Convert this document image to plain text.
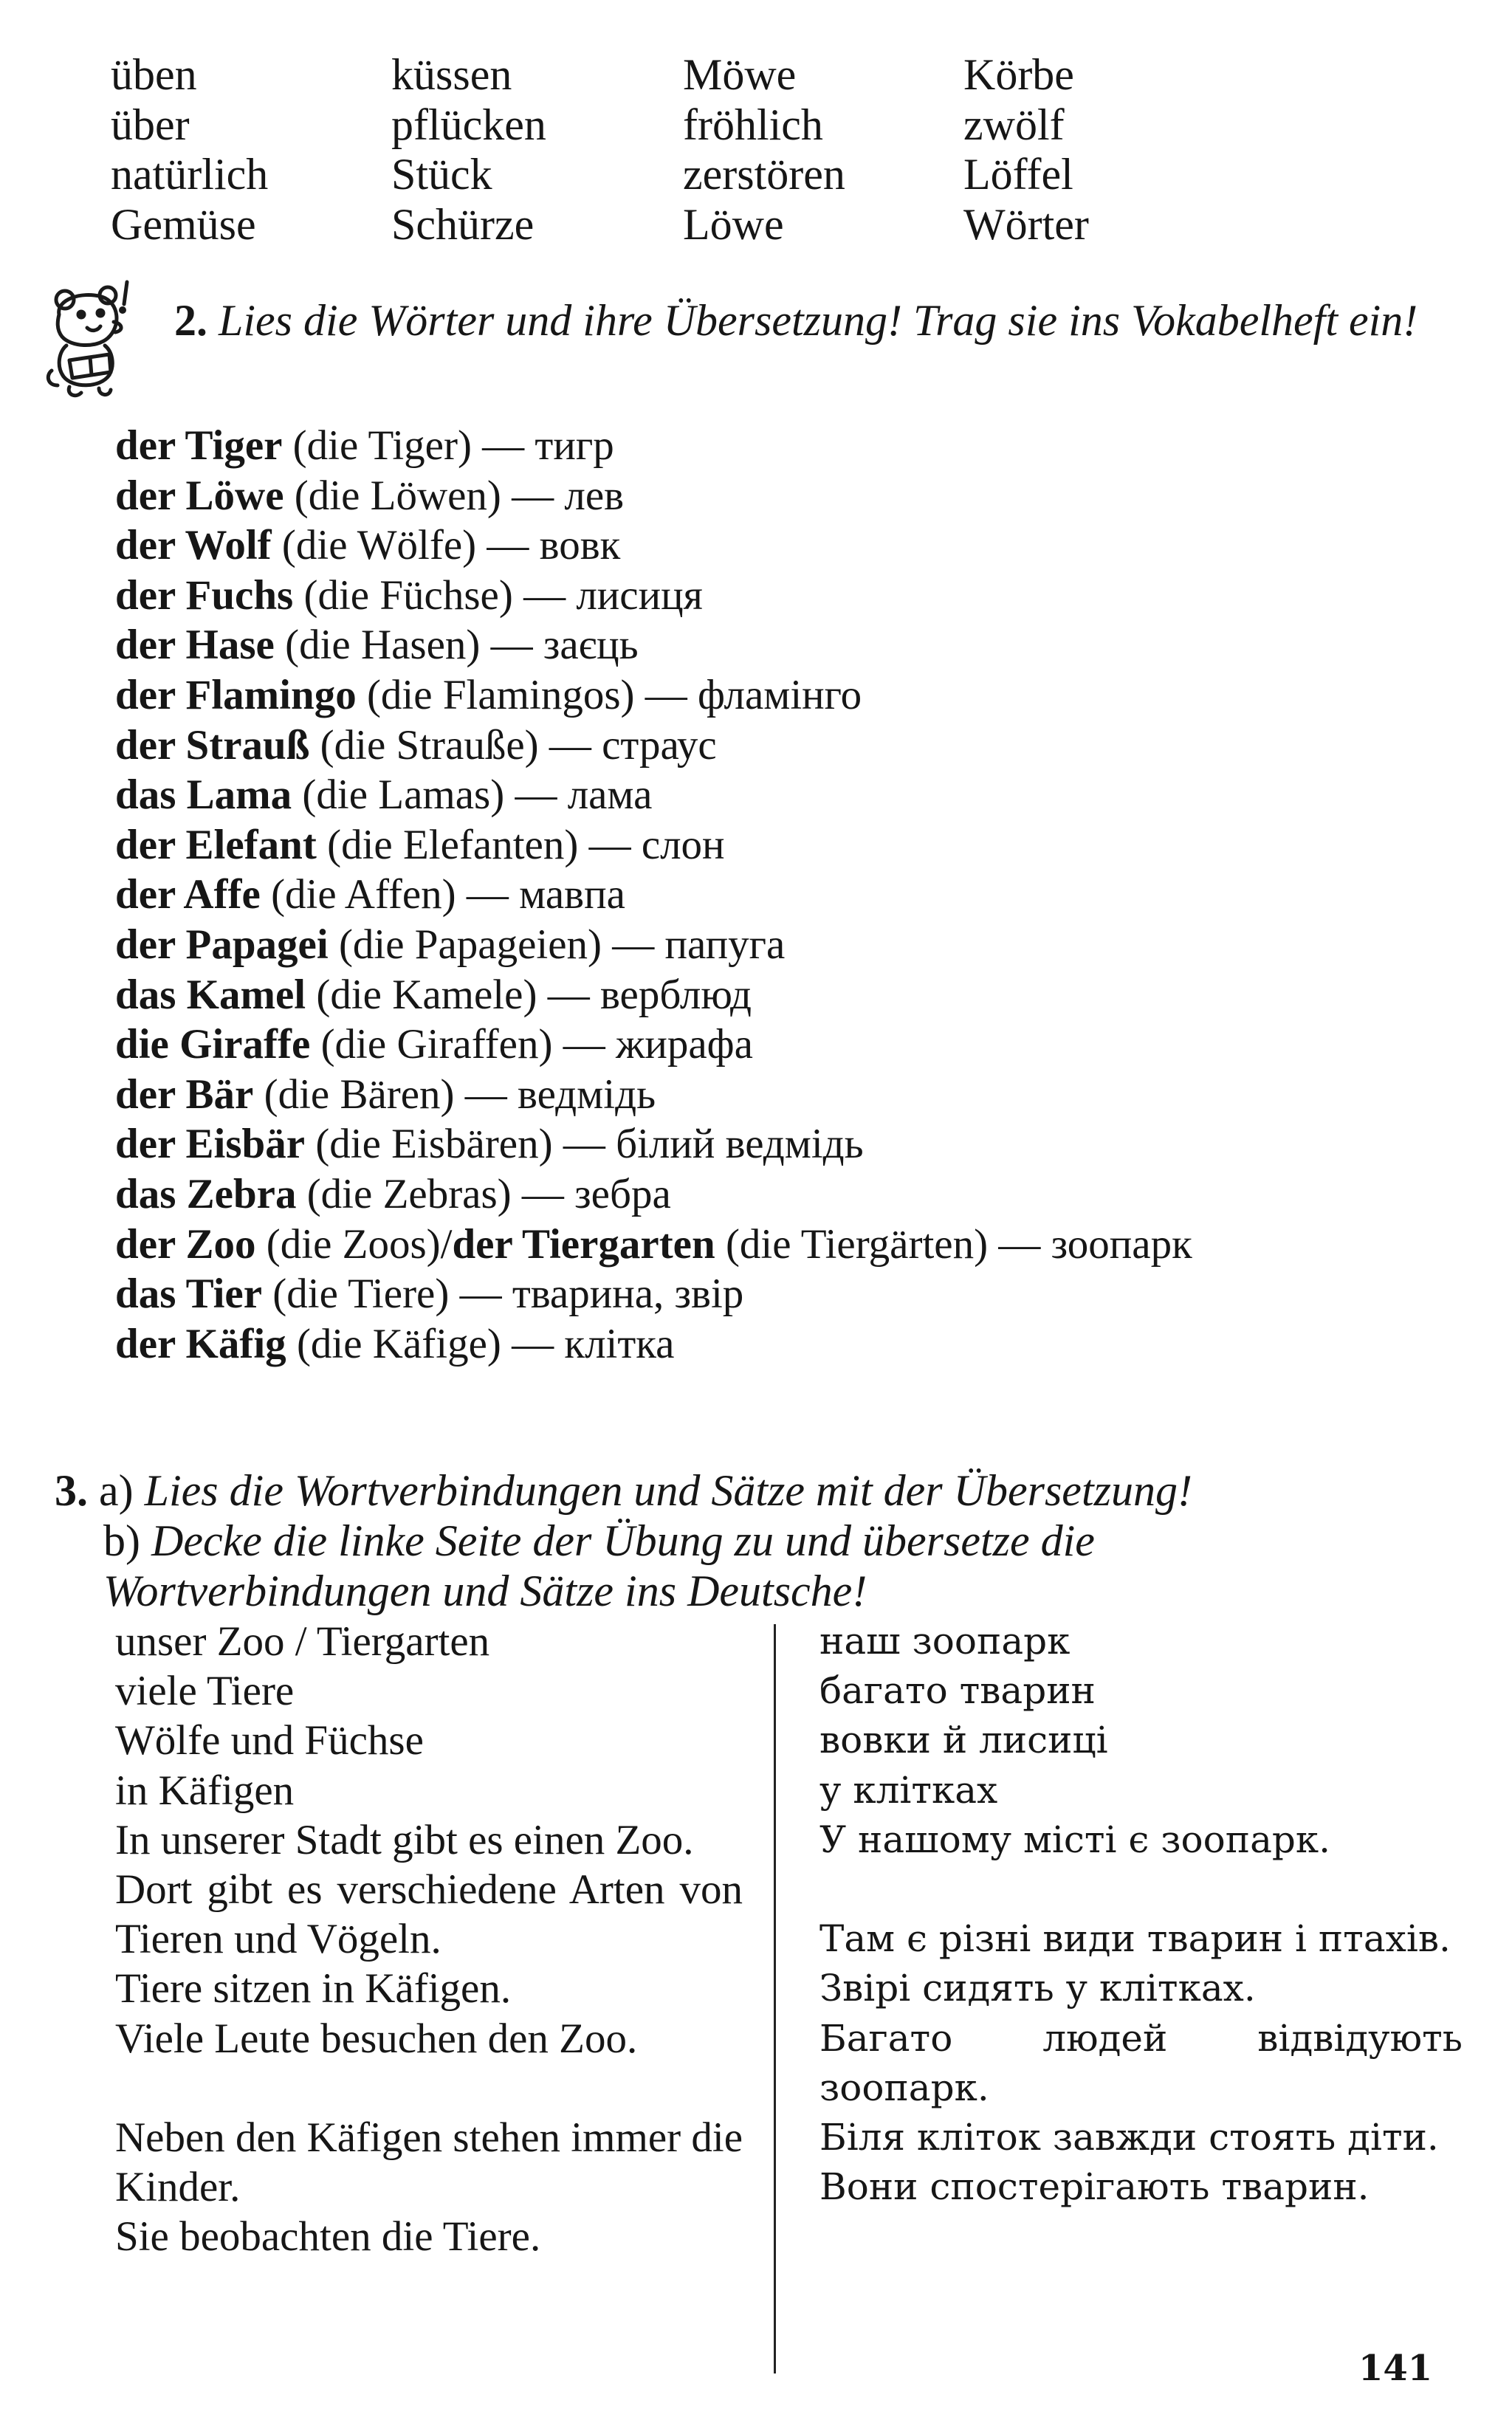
üben
über
natürlich
Gemüse
küssen
pflücken
Stück
Schürze
Möwe
fröhlich
zerstören
Löwe
Körbe
zwölf
Löffel
Wörter
2. Lies die Wörter und ihre Übersetzung! Trag sie ins Vokabelheft ein!
der Tiger (die Tiger) — тигр
der Löwe (die Löwen) — лев
der Wolf (die Wölfe) — вовк
der Fuchs (die Füchse) — лисиця
der Hase (die Hasen) — заєць
der Flamingo (die Flamingos) — фламінго
der Strauß (die Strauße) — страус
das Lama (die Lamas) — лама
der Elefant (die Elefanten) — слон
der Affe (die Affen) — мавпа
der Papagei (die Papageien) — папуга
das Kamel (die Kamele) — верблюд
die Giraffe (die Giraffen) — жирафа
der Bär (die Bären) — ведмідь
der Eisbär (die Eisbären) — білий ведмідь
das Zebra (die Zebras) — зебра
der Zoo (die Zoos)/der Tiergarten (die Tiergärten) — зоопарк
das Tier (die Tiere) — тварина, звір
der Käfig (die Käfige) — клітка
3. a) Lies die Wortverbindungen und Sätze mit der Übersetzung!
b) Decke die linke Seite der Übung zu und übersetze die
Wortverbindungen und Sätze ins Deutsche!
unser Zoo / Tiergarten
viele Tiere
Wölfe und Füchse
in Käfigen
In unserer Stadt gibt es einen Zoo.
Dort gibt es verschiedene Arten von Tieren und Vögeln.
Tiere sitzen in Käfigen.
Viele Leute besuchen den Zoo.
Neben den Käfigen stehen immer die Kinder.
Sie beobachten die Tiere.
наш зоопарк
багато тварин
вовки й лисиці
у клітках
У нашому місті є зоопарк.
Там є різні види тварин і птахів.
Звірі сидять у клітках.
Багато людей відвідують зоопарк.
Біля кліток завжди стоять діти.
Вони спостерігають тварин.
141
